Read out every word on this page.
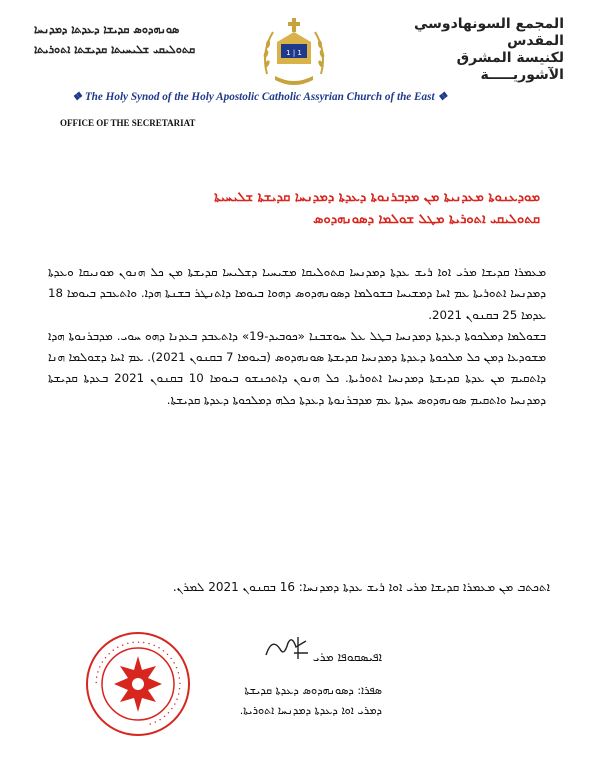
المجمع السونهادوسي المقدس
لكنيسة المشرق الآشوريـــــة
ܣܘܢܗܕܘܣ ܩܕܝܫܐ ܕܥܕܬܐ ܕܡܕܢܚܐ
ܩܬܘܠܝܩܝ ܫܠܝܚܝܬܐ ܩܕܝܫܬܐ ܐܬܘܪܝܬܐ	1 | 1
❖ The Holy Synod of the Holy Apostolic Catholic Assyrian Church of the East ❖
OFFICE OF THE SECRETARIAT
ܡܘܕܥܢܘܬܐ ܡܥܕܢܝܬܐ ܡܢ ܡܕܒܪܢܘܬܐ ܕܥܕܬܐ ܕܡܕܢܚܐ ܩܕܝܫܬܐ ܫܠܝܚܝܬܐ
ܩܬܘܠܝܩܝ ܐܬܘܪܝܬܐ ܡܛܠ ܫܘܠܡܐ ܕܣܘܢܗܕܘܣ

ܡܥܡܪܐ ܩܕܝܫܐ ܡܪܝ ܐܘܐ ܪܝܫ ܥܕܬܐ ܕܡܕܢܚܐ ܩܬܘܠܝܩܐ ܡܫܝܚܝܐ ܕܫܠܝܚܐ ܩܕܝܫܬܐ ܡܢ ܟܠ ܗܢܘܢ ܡܘܢܝܩܐ ܘܥܕܬܐ ܕܡܕܢܚܐ ܐܬܘܪܝܬܐ ܥܡ ܐܚܐ ܕܡܫܝܚܐ ܒܫܘܠܡܐ ܕܣܘܢܗܕܘܣ ܕܗܘܐ ܒܝܘܡܐ ܕܐܬܢܛܪ ܒܫܢܬܐ ܗܕܐ. ܘܐܬܥܒܕ ܒܝܘܡܐ 18 ܥܕܡܐ 25 ܒܩܢܘܢ 2021.

ܒܫܘܠܡܐ ܕܡܠܟܘܬܐ ܕܥܕܬܐ ܕܡܕܢܚܐ ܒܛܠ ܥܠ ܚܘܫܒܢܐ «ܟܘܒܝܕ-19» ܕܐܬܥܒܕ ܒܥܕܢܐ ܕܗܘ ܚܘܝ. ܡܕܒܪܢܘܬܐ ܗܕܐ ܡܫܘܕܥܐ ܕܡܢ ܟܠ ܡܠܟܘܬܐ ܕܥܕܬܐ ܕܡܕܢܚܐ ܩܕܝܫܬܐ ܣܘܢܗܕܘܣ (ܒܝܘܡܐ 7 ܒܩܢܘܢ 2021). ܥܡ ܐܚܐ ܕܫܘܠܡܐ ܗܢܐ ܕܐܬܩܝܡ ܡܢ ܥܕܬܐ ܩܕܝܫܬܐ ܕܡܕܢܚܐ ܐܬܘܪܝܬܐ. ܟܠ ܗܢܘܢ ܕܐܬܟܢܫܘ ܒܝܘܡܐ 10 ܒܩܢܘܢ 2021 ܒܥܕܬܐ ܩܕܝܫܬܐ ܕܡܕܢܚܐ ܘܐܬܩܝܡ ܣܘܢܗܕܘܣ ܚܕܬܐ ܥܡ ܡܕܒܪܢܘܬܐ ܕܥܕܬܐ ܟܠܗ ܕܡܠܟܘܬܐ ܕܥܕܬܐ ܩܕܝܫܬܐ.

ܐܬܟܬܒ ܡܢ ܡܥܡܪܐ ܩܕܝܫܐ ܡܪܝ ܐܘܐ ܪܝܫ ܥܕܬܐ ܕܡܕܢܚܐ: 16 ܒܩܢܘܢ 2021 ܠܡܪܢ.
• • • • • • • • • • • • • • • • • • • • • • • • • • • • • • • • • • •
ܐܦܝܣܩܘܦܐ ܡܪܝ
ܣܦܪܐ: ܕܣܘܢܗܕܘܣ ܕܥܕܬܐ ܩܕܝܫܬܐ
ܕܡܪܝ ܐܘܐ ܕܥܕܬܐ ܕܡܕܢܚܐ ܐܬܘܪܝܬܐ.
